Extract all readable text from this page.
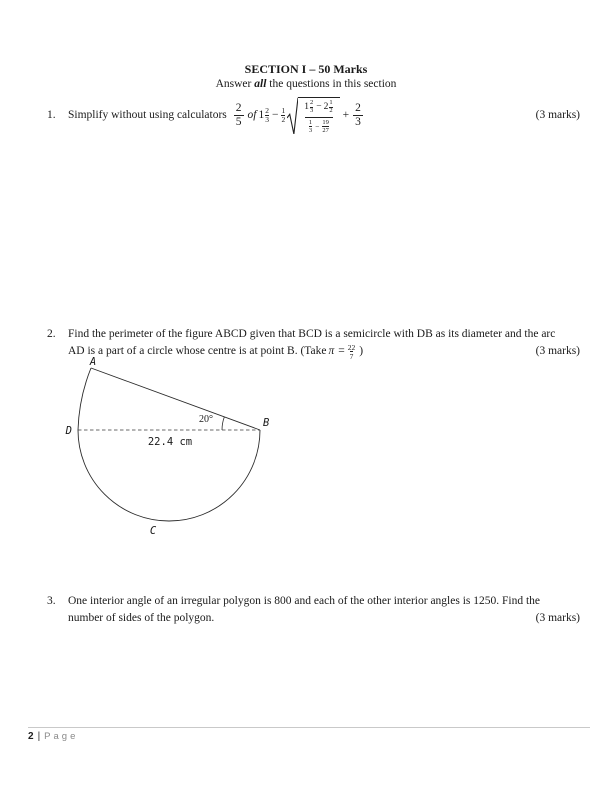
SECTION I – 50 Marks
Answer all the questions in this section
1.	Simplify without using calculators $\frac{2}{5}$ of $1 \frac{2}{3} - \frac{1}{2}$
$1 \frac{2}{3} - 2 \frac{1}{2}$
$\frac{1}{3} - \frac{19}{27}$
+ $\frac{2}{3}$	(3 marks)
2.	Find the perimeter of the figure ABCD given that BCD is a semicircle with DB as its diameter and the arc
AD is a part of a circle whose centre is at point B. (Take $\pi = \frac{22}{7}$ )	(3 marks)
A
D
B
C
20°
22.4 cm
3.	One interior angle of an irregular polygon is 800 and each of the other interior angles is 1250. Find the
number of sides of the polygon.	(3 marks)
2 | Page
